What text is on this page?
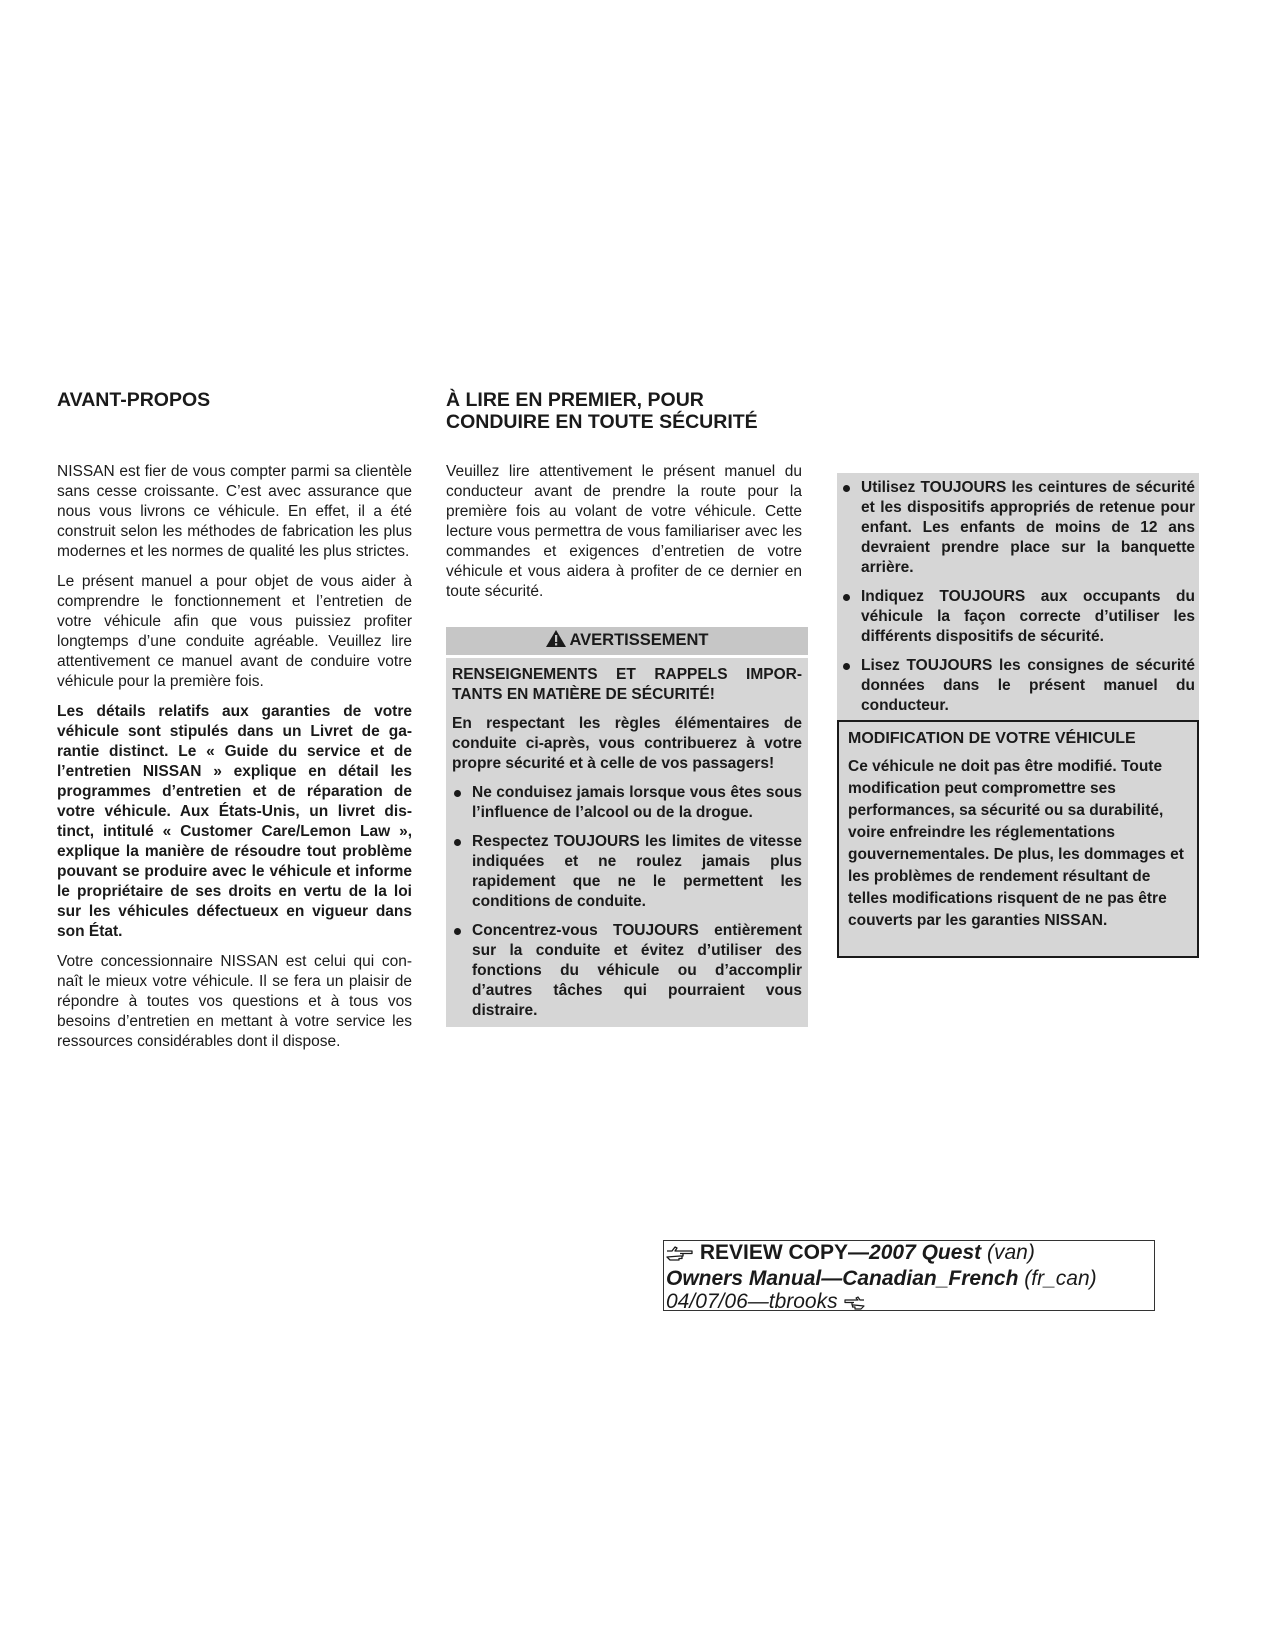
AVANT-PROPOS

NISSAN est fier de vous compter parmi sa clientèle sans cesse croissante. C’est avec assurance que nous vous livrons ce véhicule. En effet, il a été construit selon les méthodes de fabrication les plus modernes et les normes de qualité les plus strictes.

Le présent manuel a pour objet de vous aider à comprendre le fonctionnement et l’entretien de votre véhicule afin que vous puissiez profiter longtemps d’une conduite agréable. Veuillez lire attentivement ce manuel avant de conduire votre véhicule pour la première fois.

Les détails relatifs aux garanties de votre véhicule sont stipulés dans un Livret de garantie distinct. Le « Guide du service et de l’entretien NISSAN » explique en détail les programmes d’entretien et de réparation de votre véhicule. Aux États-Unis, un livret distinct, intitulé « Customer Care/Lemon Law », explique la manière de résoudre tout problème pouvant se produire avec le véhicule et informe le propriétaire de ses droits en vertu de la loi sur les véhicules défectueux en vigueur dans son État.

Votre concessionnaire NISSAN est celui qui connaît le mieux votre véhicule. Il se fera un plaisir de répondre à toutes vos questions et à tous vos besoins d’entretien en mettant à votre service les ressources considérables dont il dispose.

À LIRE EN PREMIER, POUR
CONDUIRE EN TOUTE SÉCURITÉ

Veuillez lire attentivement le présent manuel du conducteur avant de prendre la route pour la première fois au volant de votre véhicule. Cette lecture vous permettra de vous familiariser avec les commandes et exigences d’entretien de votre véhicule et vous aidera à profiter de ce dernier en toute sécurité.

AVERTISSEMENT

RENSEIGNEMENTS ET RAPPELS IMPORTANTS EN MATIÈRE DE SÉCURITÉ!

En respectant les règles élémentaires de conduite ci-après, vous contribuerez à votre propre sécurité et à celle de vos passagers!

Ne conduisez jamais lorsque vous êtes sous l’influence de l’alcool ou de la drogue.
Respectez TOUJOURS les limites de vitesse indiquées et ne roulez jamais plus rapidement que ne le permettent les conditions de conduite.
Concentrez-vous TOUJOURS entièrement sur la conduite et évitez d’utiliser des fonctions du véhicule ou d’accomplir d’autres tâches qui pourraient vous distraire.
Utilisez TOUJOURS les ceintures de sécurité et les dispositifs appropriés de retenue pour enfant. Les enfants de moins de 12 ans devraient prendre place sur la banquette arrière.
Indiquez TOUJOURS aux occupants du véhicule la façon correcte d’utiliser les différents dispositifs de sécurité.
Lisez TOUJOURS les consignes de sécurité données dans le présent manuel du conducteur.
MODIFICATION DE VOTRE VÉHICULE
Ce véhicule ne doit pas être modifié. Toute modification peut compromettre ses performances, sa sécurité ou sa durabilité, voire enfreindre les réglementations gouvernementales. De plus, les dommages et les problèmes de rendement résultant de telles modifications risquent de ne pas être couverts par les garanties NISSAN.
REVIEW COPY—2007 Quest (van)
Owners Manual—Canadian_French (fr_can)
04/07/06—tbrooks
